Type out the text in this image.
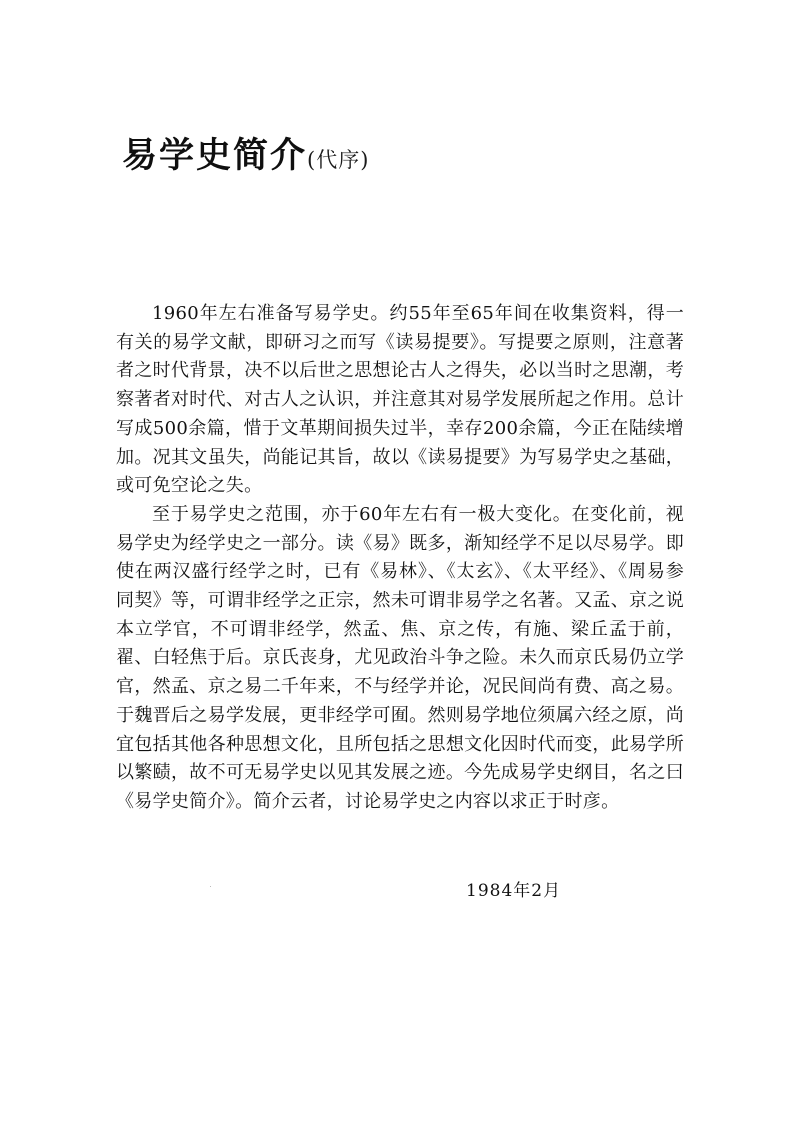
易学史简介(代序)

1960年左右准备写易学史。约55年至65年间在收集资料，得一有关的易学文献，即研习之而写《读易提要》。写提要之原则，注意著者之时代背景，决不以后世之思想论古人之得失，必以当时之思潮，考察著者对时代、对古人之认识，并注意其对易学发展所起之作用。总计写成500余篇，惜于文革期间损失过半，幸存200余篇，今正在陆续增加。况其文虽失，尚能记其旨，故以《读易提要》为写易学史之基础，或可免空论之失。

至于易学史之范围，亦于60年左右有一极大变化。在变化前，视易学史为经学史之一部分。读《易》既多，渐知经学不足以尽易学。即使在两汉盛行经学之时，已有《易林》、《太玄》、《太平经》、《周易参同契》等，可谓非经学之正宗，然未可谓非易学之名著。又孟、京之说本立学官，不可谓非经学，然孟、焦、京之传，有施、梁丘孟于前，翟、白轻焦于后。京氏丧身，尤见政治斗争之险。未久而京氏易仍立学官，然孟、京之易二千年来，不与经学并论，况民间尚有费、高之易。于魏晋后之易学发展，更非经学可囿。然则易学地位须属六经之原，尚宜包括其他各种思想文化，且所包括之思想文化因时代而变，此易学所以繁赜，故不可无易学史以见其发展之迹。今先成易学史纲目，名之曰《易学史简介》。简介云者，讨论易学史之内容以求正于时彦。

1984年2月
